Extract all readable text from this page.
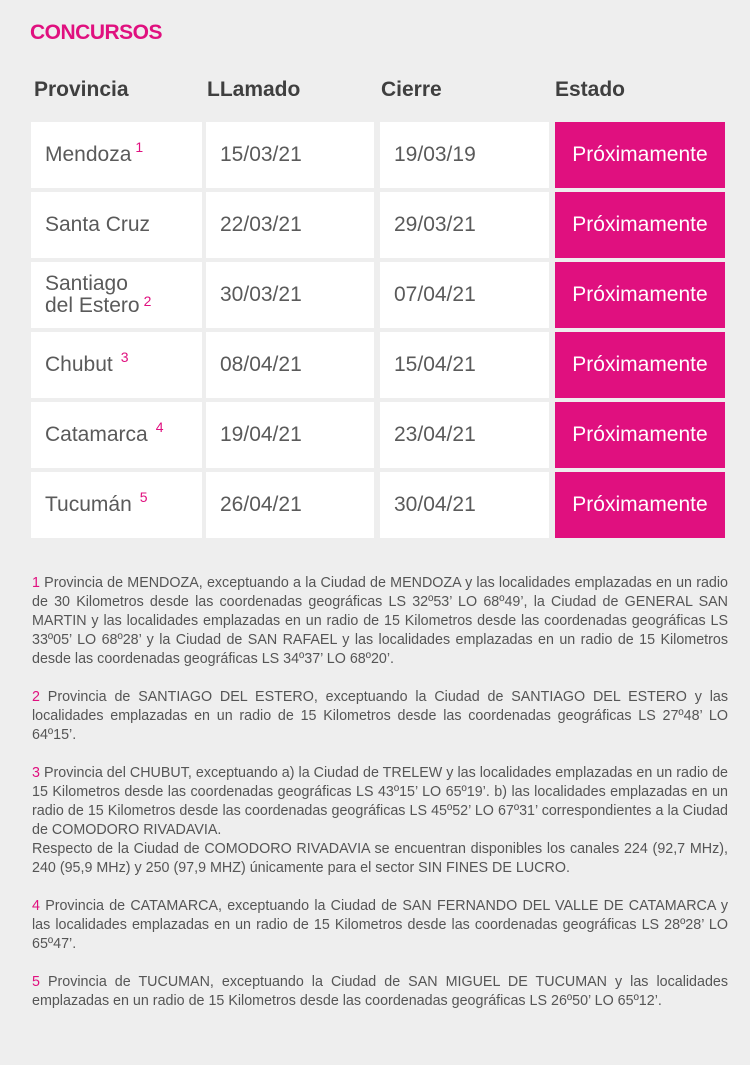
CONCURSOS
Provincia	LLamado	Cierre	Estado
Mendoza 1	15/03/21	19/03/19	Próximamente
Santa Cruz	22/03/21	29/03/21	Próximamente
Santiago
del Estero $^2$	30/03/21	07/04/21	Próximamente
Chubut 3	08/04/21	15/04/21	Próximamente
Catamarca 4	19/04/21	23/04/21	Próximamente
Tucumán 5	26/04/21	30/04/21	Próximamente

1 Provincia de MENDOZA, exceptuando a la Ciudad de MENDOZA y las localidades emplazadas en un radio de 30 Kilometros desde las coordenadas geográficas LS 32º53’ LO 68º49’, la Ciudad de GENERAL SAN MARTIN y las localidades emplazadas en un radio de 15 Kilometros desde las coordenadas geográficas LS 33º05’ LO 68º28’ y la Ciudad de SAN RAFAEL y las localidades emplazadas en un radio de 15 Kilometros desde las coordenadas geográficas LS 34º37’ LO 68º20’.

2 Provincia de SANTIAGO DEL ESTERO, exceptuando la Ciudad de SANTIAGO DEL ESTERO y las localidades emplazadas en un radio de 15 Kilometros desde las coordenadas geográficas LS 27º48’ LO 64º15’.

3 Provincia del CHUBUT, exceptuando a) la Ciudad de TRELEW y las localidades emplazadas en un radio de 15 Kilometros desde las coordenadas geográficas LS 43º15’ LO 65º19’. b) las localidades emplazadas en un radio de 15 Kilometros desde las coordenadas geográficas LS 45º52’ LO 67º31’ correspondientes a la Ciudad de COMODORO RIVADAVIA.
Respecto de la Ciudad de COMODORO RIVADAVIA se encuentran disponibles los canales 224 (92,7 MHz), 240 (95,9 MHz) y 250 (97,9 MHZ) únicamente para el sector SIN FINES DE LUCRO.

4 Provincia de CATAMARCA, exceptuando la Ciudad de SAN FERNANDO DEL VALLE DE CATAMARCA y las localidades emplazadas en un radio de 15 Kilometros desde las coordenadas geográficas LS 28º28’ LO 65º47’.

5 Provincia de TUCUMAN, exceptuando la Ciudad de SAN MIGUEL DE TUCUMAN y las localidades emplazadas en un radio de 15 Kilometros desde las coordenadas geográficas LS 26º50’ LO 65º12’.
